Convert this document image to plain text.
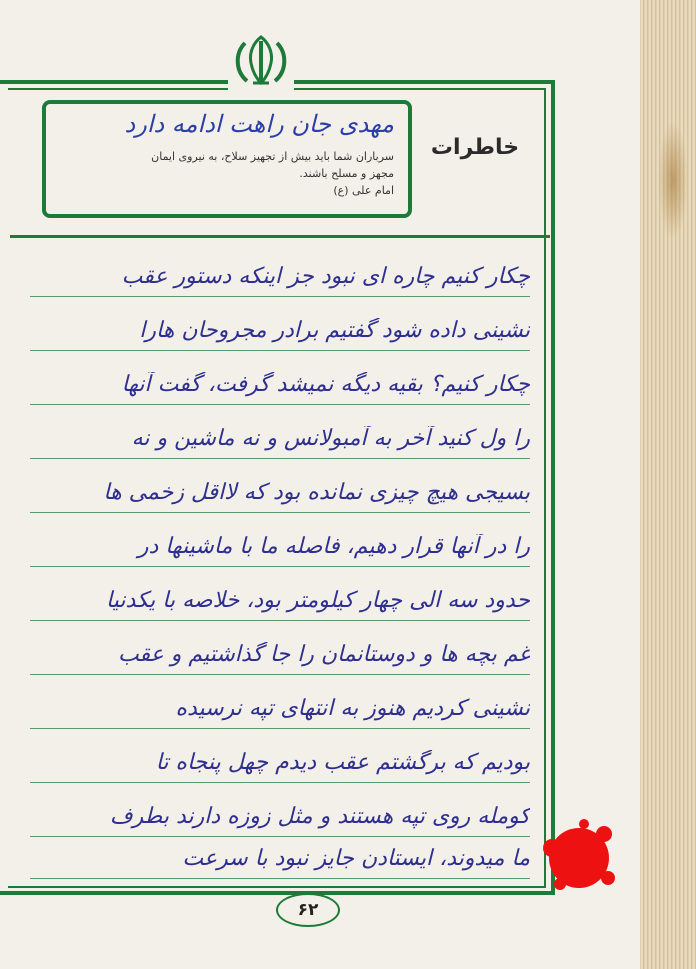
مهدی جان راهت ادامه دارد
سرباران شما باید بیش از تجهیز سلاح، به نیروی ایمان
مجهز و مسلح باشند.
امام علی (ع)
خاطرات
چکار کنیم چاره ای نبود جز اینکه دستور عقب
نشینی داده شود گفتیم برادر مجروحان هارا
چکار کنیم؟ بقیه دیگه نمیشد گرفت، گفت آنها
را ول کنید آخر به آمبولانس و نه ماشین و نه
بسیجی هیچ چیزی نمانده بود که لااقل زخمی ها
را در آنها قرار دهیم، فاصله ما با ماشینها در
حدود سه الی چهار کیلومتر بود، خلاصه با یکدنیا
غم بچه ها و دوستانمان را جا گذاشتیم و عقب
نشینی کردیم هنوز به انتهای تپه نرسیده
بودیم که برگشتم عقب دیدم چهل پنجاه تا
کومله روی تپه هستند و مثل زوزه دارند بطرف
ما میدوند، ایستادن جایز نبود با سرعت
۶۲
